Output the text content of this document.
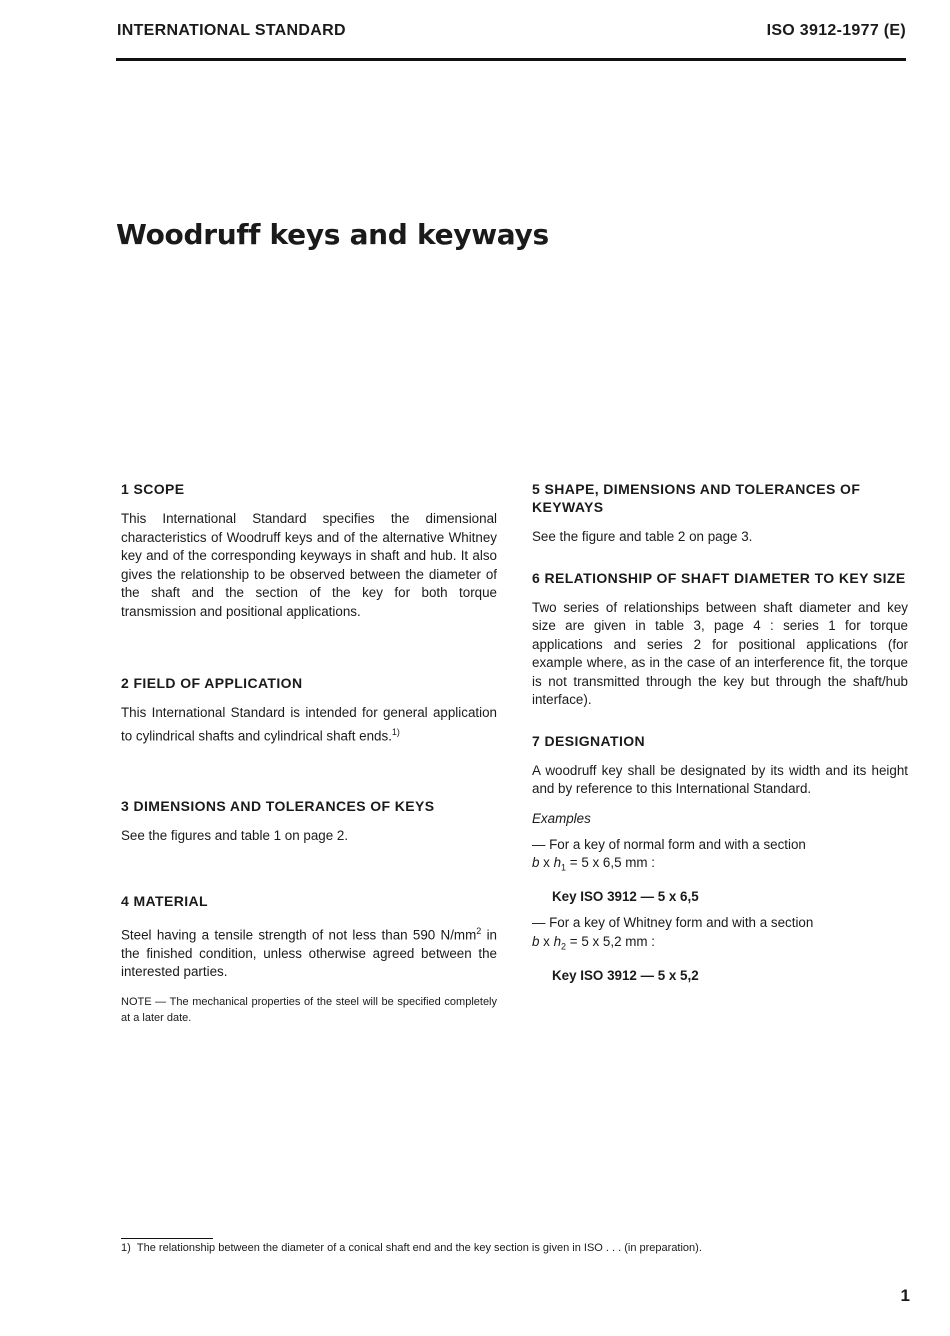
INTERNATIONAL STANDARD	ISO 3912-1977 (E)
Woodruff keys and keyways
1 SCOPE

This International Standard specifies the dimensional characteristics of Woodruff keys and of the alternative Whitney key and of the corresponding keyways in shaft and hub. It also gives the relationship to be observed between the diameter of the shaft and the section of the key for both torque transmission and positional applications.

2 FIELD OF APPLICATION

This International Standard is intended for general application to cylindrical shafts and cylindrical shaft ends.$^{1)}$

3 DIMENSIONS AND TOLERANCES OF KEYS

See the figures and table 1 on page 2.

4 MATERIAL

Steel having a tensile strength of not less than 590 $N/mm^2$ in the finished condition, unless otherwise agreed between the interested parties.

NOTE — The mechanical properties of the steel will be specified completely at a later date.
5 SHAPE, DIMENSIONS AND TOLERANCES OF KEYWAYS

See the figure and table 2 on page 3.

6 RELATIONSHIP OF SHAFT DIAMETER TO KEY SIZE

Two series of relationships between shaft diameter and key size are given in table 3, page 4 : series 1 for torque applications and series 2 for positional applications (for example where, as in the case of an interference fit, the torque is not transmitted through the key but through the shaft/hub interface).

7 DESIGNATION

A woodruff key shall be designated by its width and its height and by reference to this International Standard.

Examples
— For a key of normal form and with a section
b x $h_1 = 5$ x 6,5 mm :
Key ISO 3912 — 5 x 6,5
— For a key of Whitney form and with a section
b x $h_2 = 5$ x 5,2 mm :
Key ISO 3912 — 5 x 5,2
1) The relationship between the diameter of a conical shaft end and the key section is given in ISO . . . (in preparation).
1
